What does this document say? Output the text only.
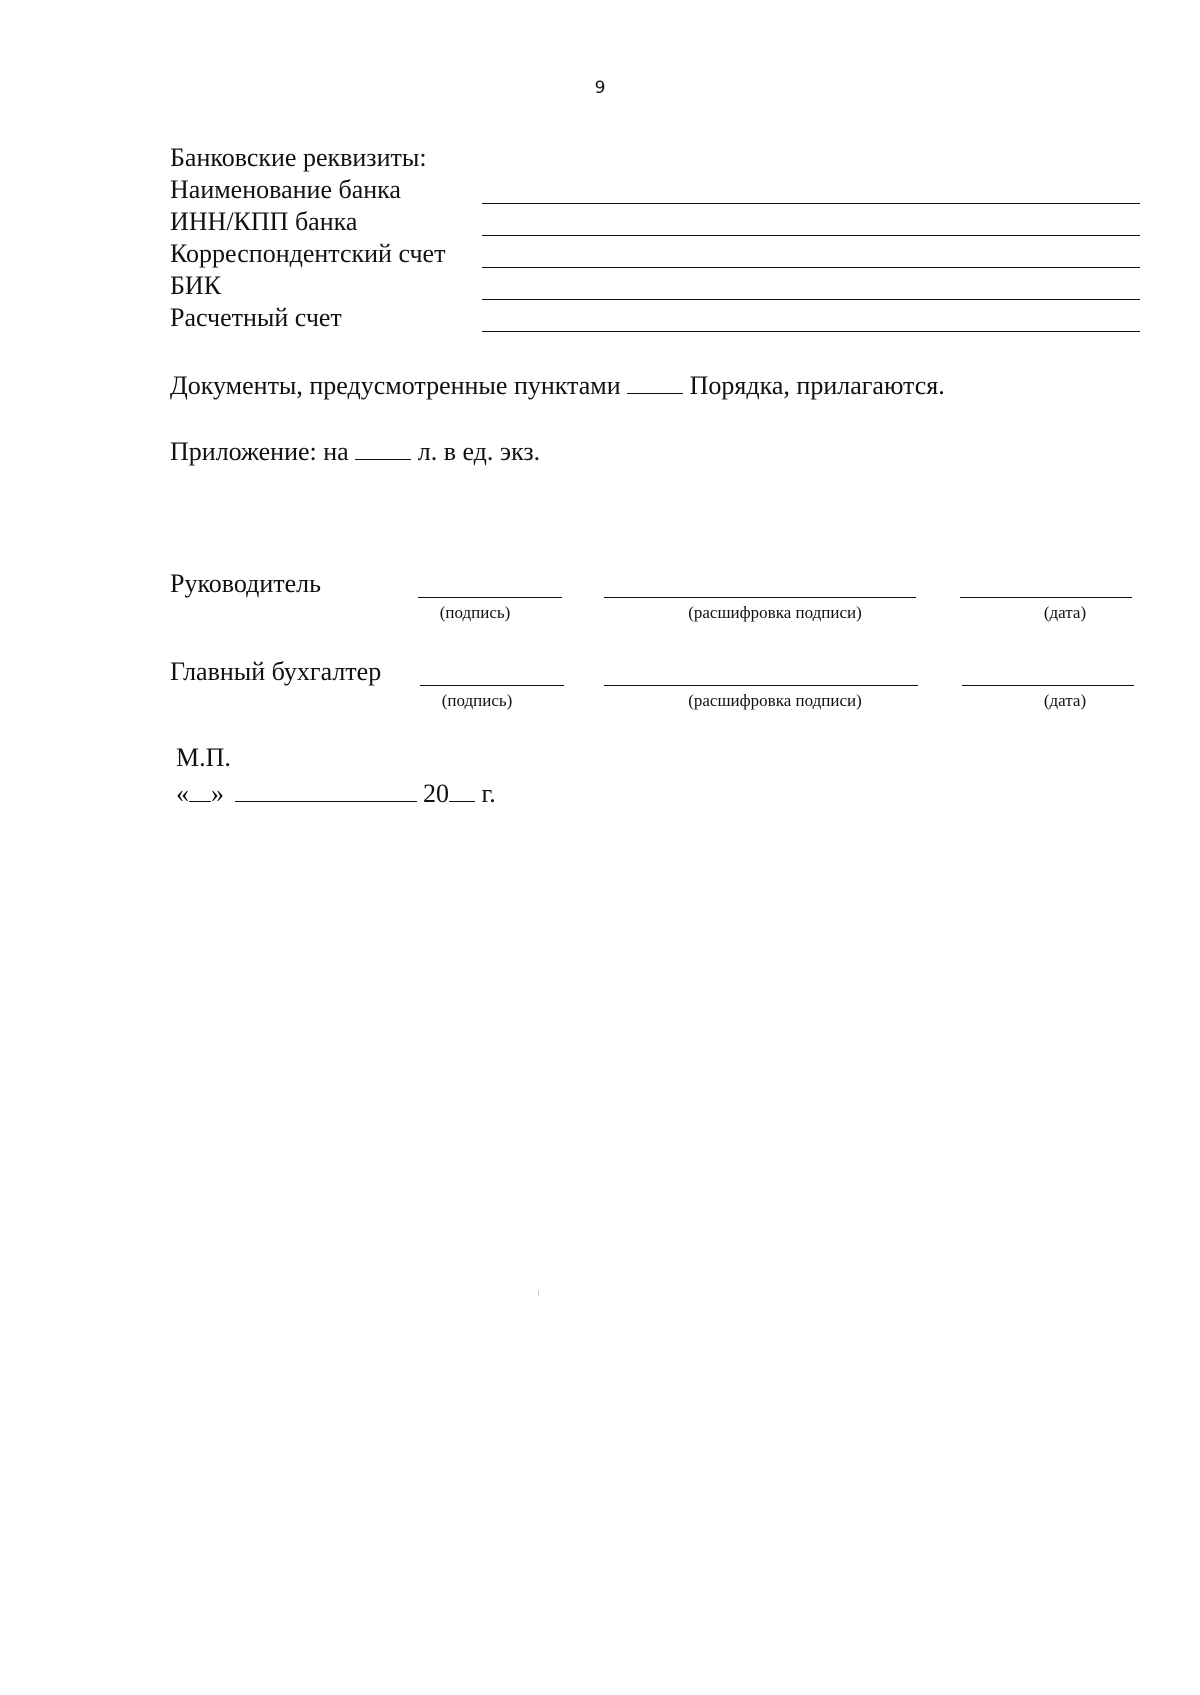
9
Банковские реквизиты:
Наименование банка
ИНН/КПП банка
Корреспондентский счет
БИК
Расчетный счет
Документы, предусмотренные пунктами	Порядка, прилагаются.
Приложение: на	л. в ед. экз.
Руководитель
(подпись)	(расшифровка подписи)	(дата)
Главный бухгалтер
(подпись)	(расшифровка подписи)	(дата)
М.П.
« »	20 г.
